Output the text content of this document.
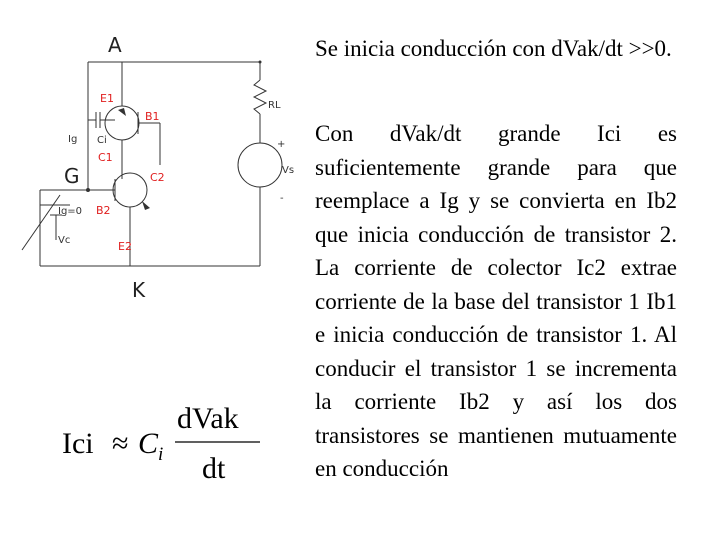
A
G
K
E1
B1
Ci
C1
Ig
C2
B2
Ig=0
E2
Vc
RL
+
-
Vs
Ici ≈ C i
dVak
dt

Se inicia conducción con dVak/dt >>0.

Con dVak/dt grande Ici es suficientemente grande para que reemplace a Ig y se convierta en Ib2 que inicia conducción de transistor 2. La corriente de colector Ic2 extrae corriente de la base del transistor 1 Ib1 e inicia conducción de transistor 1. Al conducir el transistor 1 se incrementa la corriente Ib2 y así los dos transistores se mantienen mutuamente en conducción
